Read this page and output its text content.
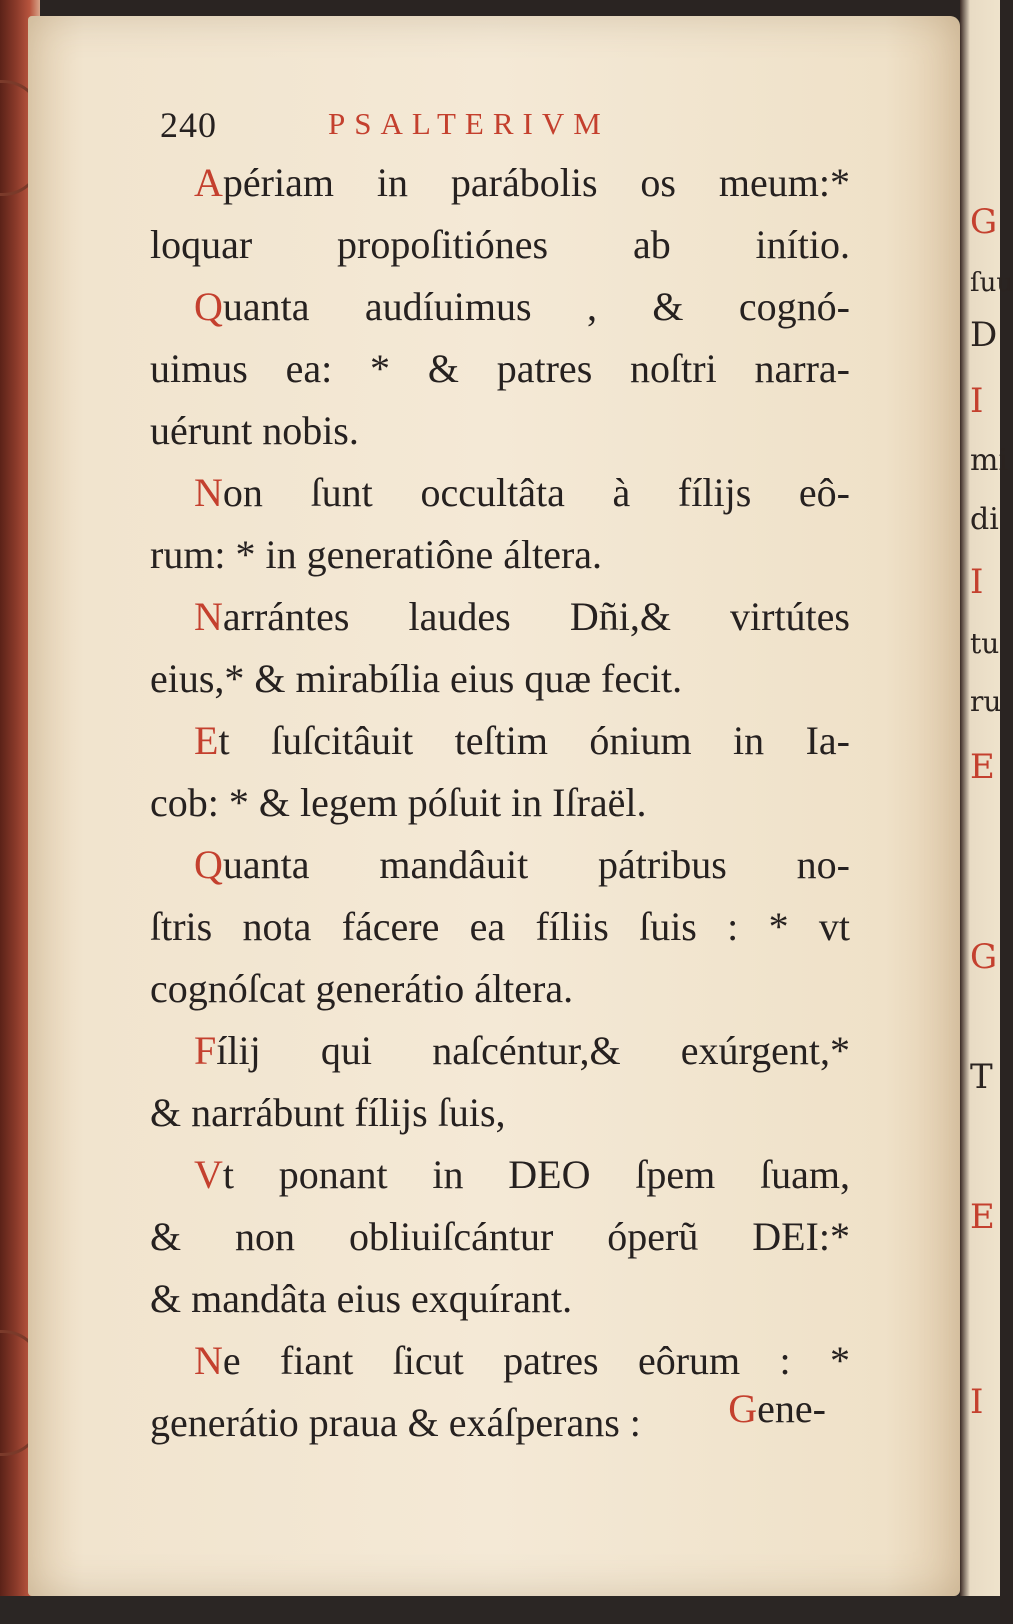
G
ſuu
D
I
mi
di
I
tu
ru
E
G
T
E
I
240	PSALTERIVM
Apériam in parábolis os meum:*
loquar propoſitiónes ab inítio.
Quanta audíuimus , & cognó-
uimus ea: * & patres noſtri narra-
uérunt nobis.
Non ſunt occultâta à fílijs eô-
rum: * in generatiône áltera.
Narrántes laudes Dñi,& virtútes
eius,* & mirabília eius quæ fecit.
Et ſuſcitâuit teſtim ónium in Ia-
cob: * & legem póſuit in Iſraël.
Quanta mandâuit pátribus no-
ſtris nota fácere ea fíliis ſuis : * vt
cognóſcat generátio áltera.
Fílij qui naſcéntur,& exúrgent,*
& narrábunt fílijs ſuis,
Vt ponant in DEO ſpem ſuam,
& non obliuiſcántur óperũ DEI:*
& mandâta eius exquírant.
Ne fiant ſicut patres eôrum : *
generátio praua & exáſperans :	Gene-
